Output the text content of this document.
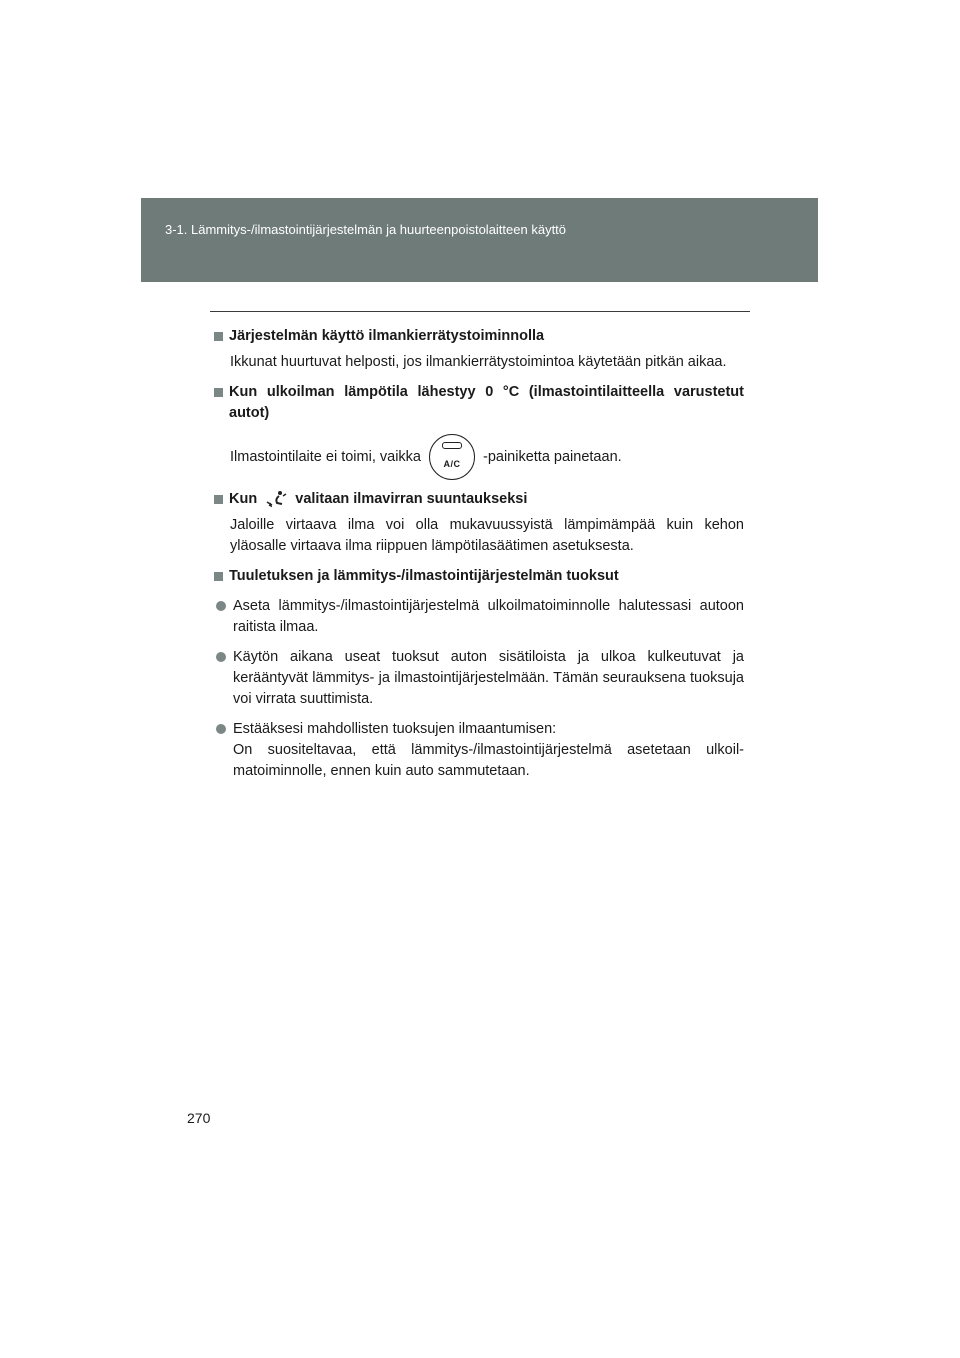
3-1. Lämmitys-/ilmastointijärjestelmän ja huurteenpoistolaitteen käyttö
Järjestelmän käyttö ilmankierrätystoiminnolla
Ikkunat huurtuvat helposti, jos ilmankierrätystoimintoa käytetään pitkän aikaa.
Kun ulkoilman lämpötila lähestyy 0 °C (ilmastointilaitteella varustetut autot)
Ilmastointilaite ei toimi, vaikka	A/C	-painiketta painetaan.
Kun	valitaan ilmavirran suuntaukseksi
Jaloille virtaava ilma voi olla mukavuussyistä lämpimämpää kuin kehon yläosalle virtaava ilma riippuen lämpötilasäätimen asetuksesta.
Tuuletuksen ja lämmitys-/ilmastointijärjestelmän tuoksut
Aseta lämmitys-/ilmastointijärjestelmä ulkoilmatoiminnolle halutessasi autoon raitista ilmaa.
Käytön aikana useat tuoksut auton sisätiloista ja ulkoa kulkeutuvat ja kerääntyvät lämmitys- ja ilmastointijärjestelmään. Tämän seurauksena tuoksuja voi virrata suuttimista.
Estääksesi mahdollisten tuoksujen ilmaantumisen:
On suositeltavaa, että lämmitys-/ilmastointijärjestelmä asetetaan ulkoil-matoiminnolle, ennen kuin auto sammutetaan.
270
